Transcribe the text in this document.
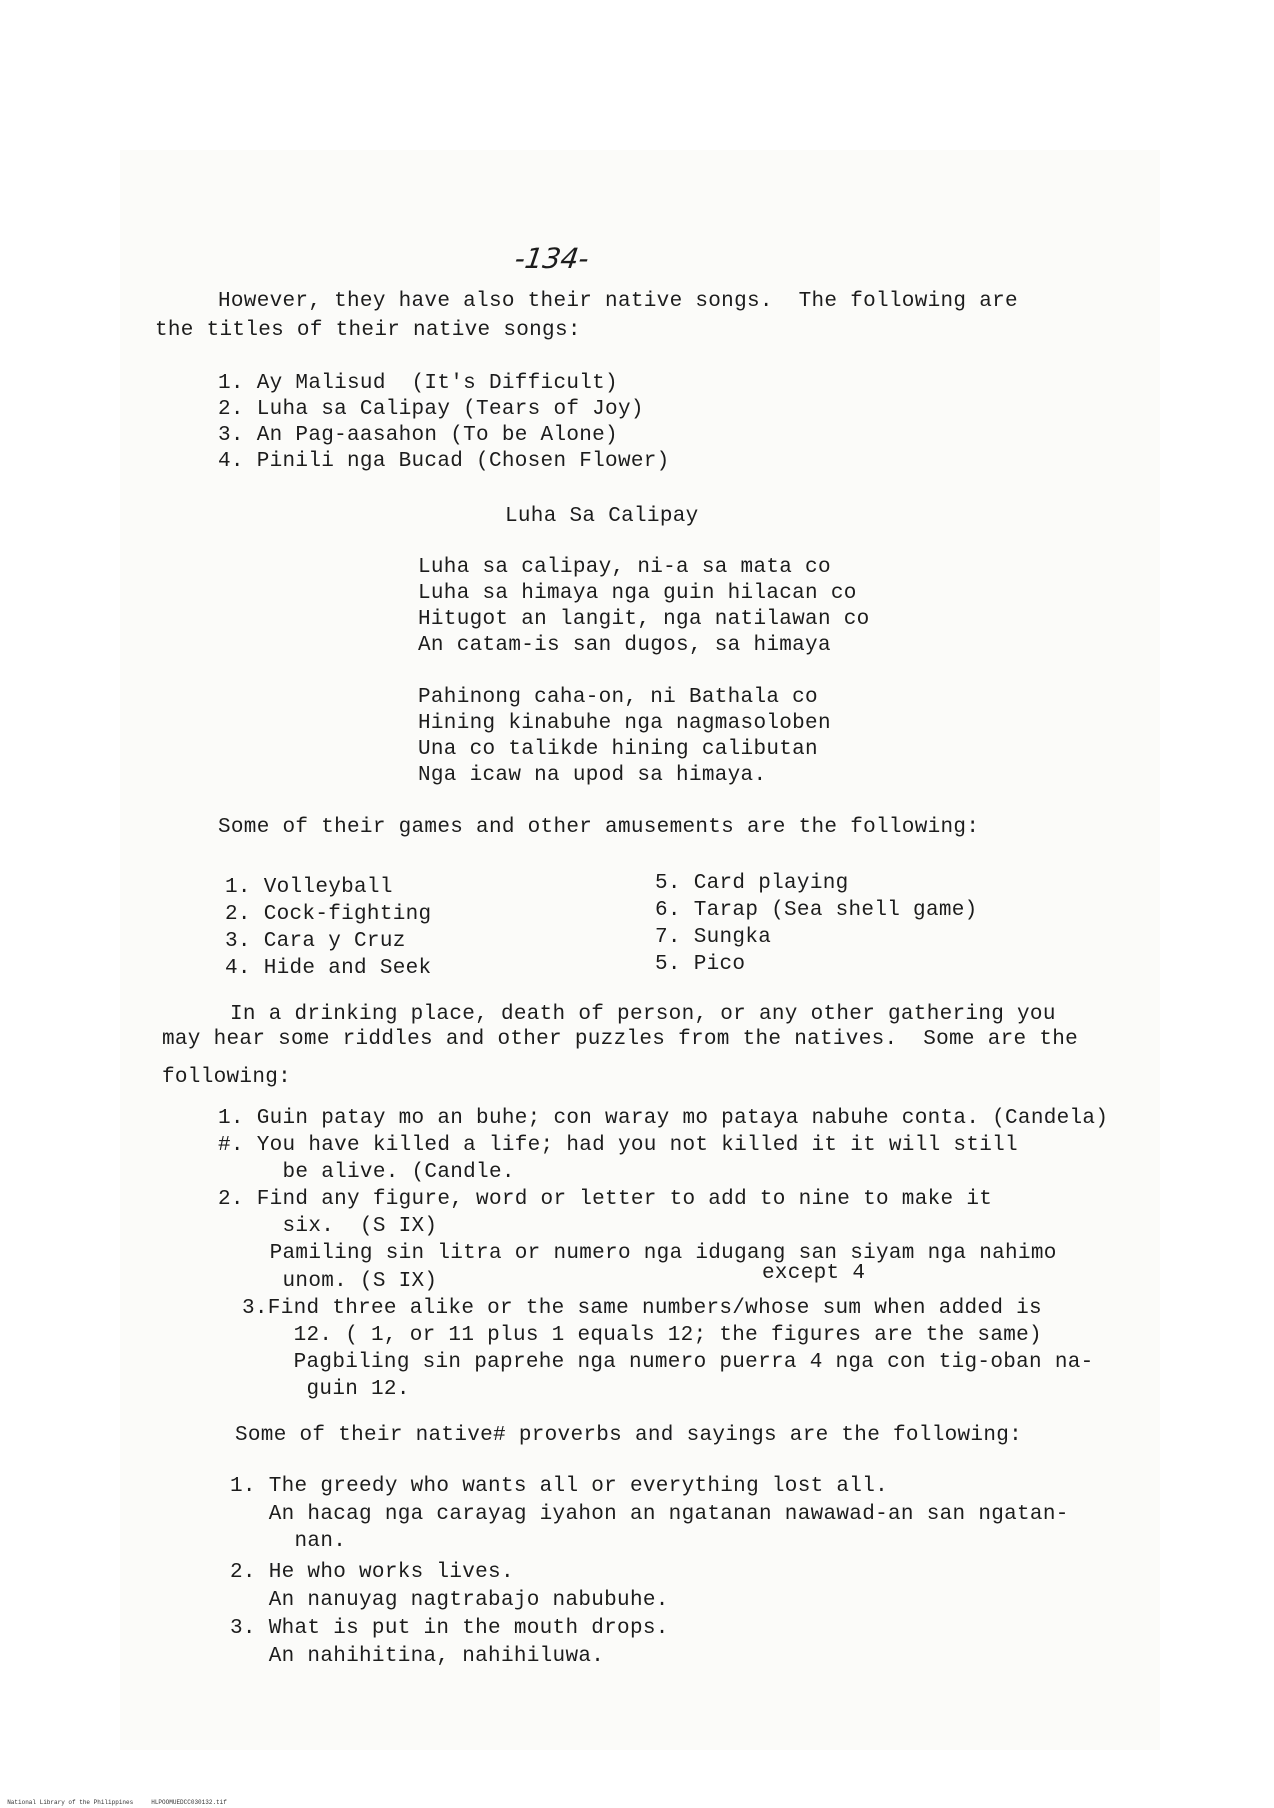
-134-
However, they have also their native songs.  The following are
the titles of their native songs:
1. Ay Malisud  (It's Difficult)
2. Luha sa Calipay (Tears of Joy)
3. An Pag-aasahon (To be Alone)
4. Pinili nga Bucad (Chosen Flower)
Luha Sa Calipay
Luha sa calipay, ni-a sa mata co
Luha sa himaya nga guin hilacan co
Hitugot an langit, nga natilawan co
An catam-is san dugos, sa himaya
Pahinong caha-on, ni Bathala co
Hining kinabuhe nga nagmasoloben
Una co talikde hining calibutan
Nga icaw na upod sa himaya.
Some of their games and other amusements are the following:
1. Volleyball
2. Cock-fighting
3. Cara y Cruz
4. Hide and Seek
5. Card playing
6. Tarap (Sea shell game)
7. Sungka
5. Pico
In a drinking place, death of person, or any other gathering you
may hear some riddles and other puzzles from the natives.  Some are the
following:
1. Guin patay mo an buhe; con waray mo pataya nabuhe conta. (Candela)
#. You have killed a life; had you not killed it it will still
be alive. (Candle.
2. Find any figure, word or letter to add to nine to make it
six.  (S IX)
Pamiling sin litra or numero nga idugang san siyam nga nahimo
unom. (S IX)	except 4
3.Find three alike or the same numbers/whose sum when added is
12. ( 1, or 11 plus 1 equals 12; the figures are the same)
Pagbiling sin paprehe nga numero puerra 4 nga con tig-oban na-
guin 12.
Some of their native# proverbs and sayings are the following:
1. The greedy who wants all or everything lost all.
An hacag nga carayag iyahon an ngatanan nawawad-an san ngatan-
nan.
2. He who works lives.
An nanuyag nagtrabajo nabubuhe.
3. What is put in the mouth drops.
An nahihitina, nahihiluwa.

National Library of the Philippines	HLPOOMUEDCC030132.tif
